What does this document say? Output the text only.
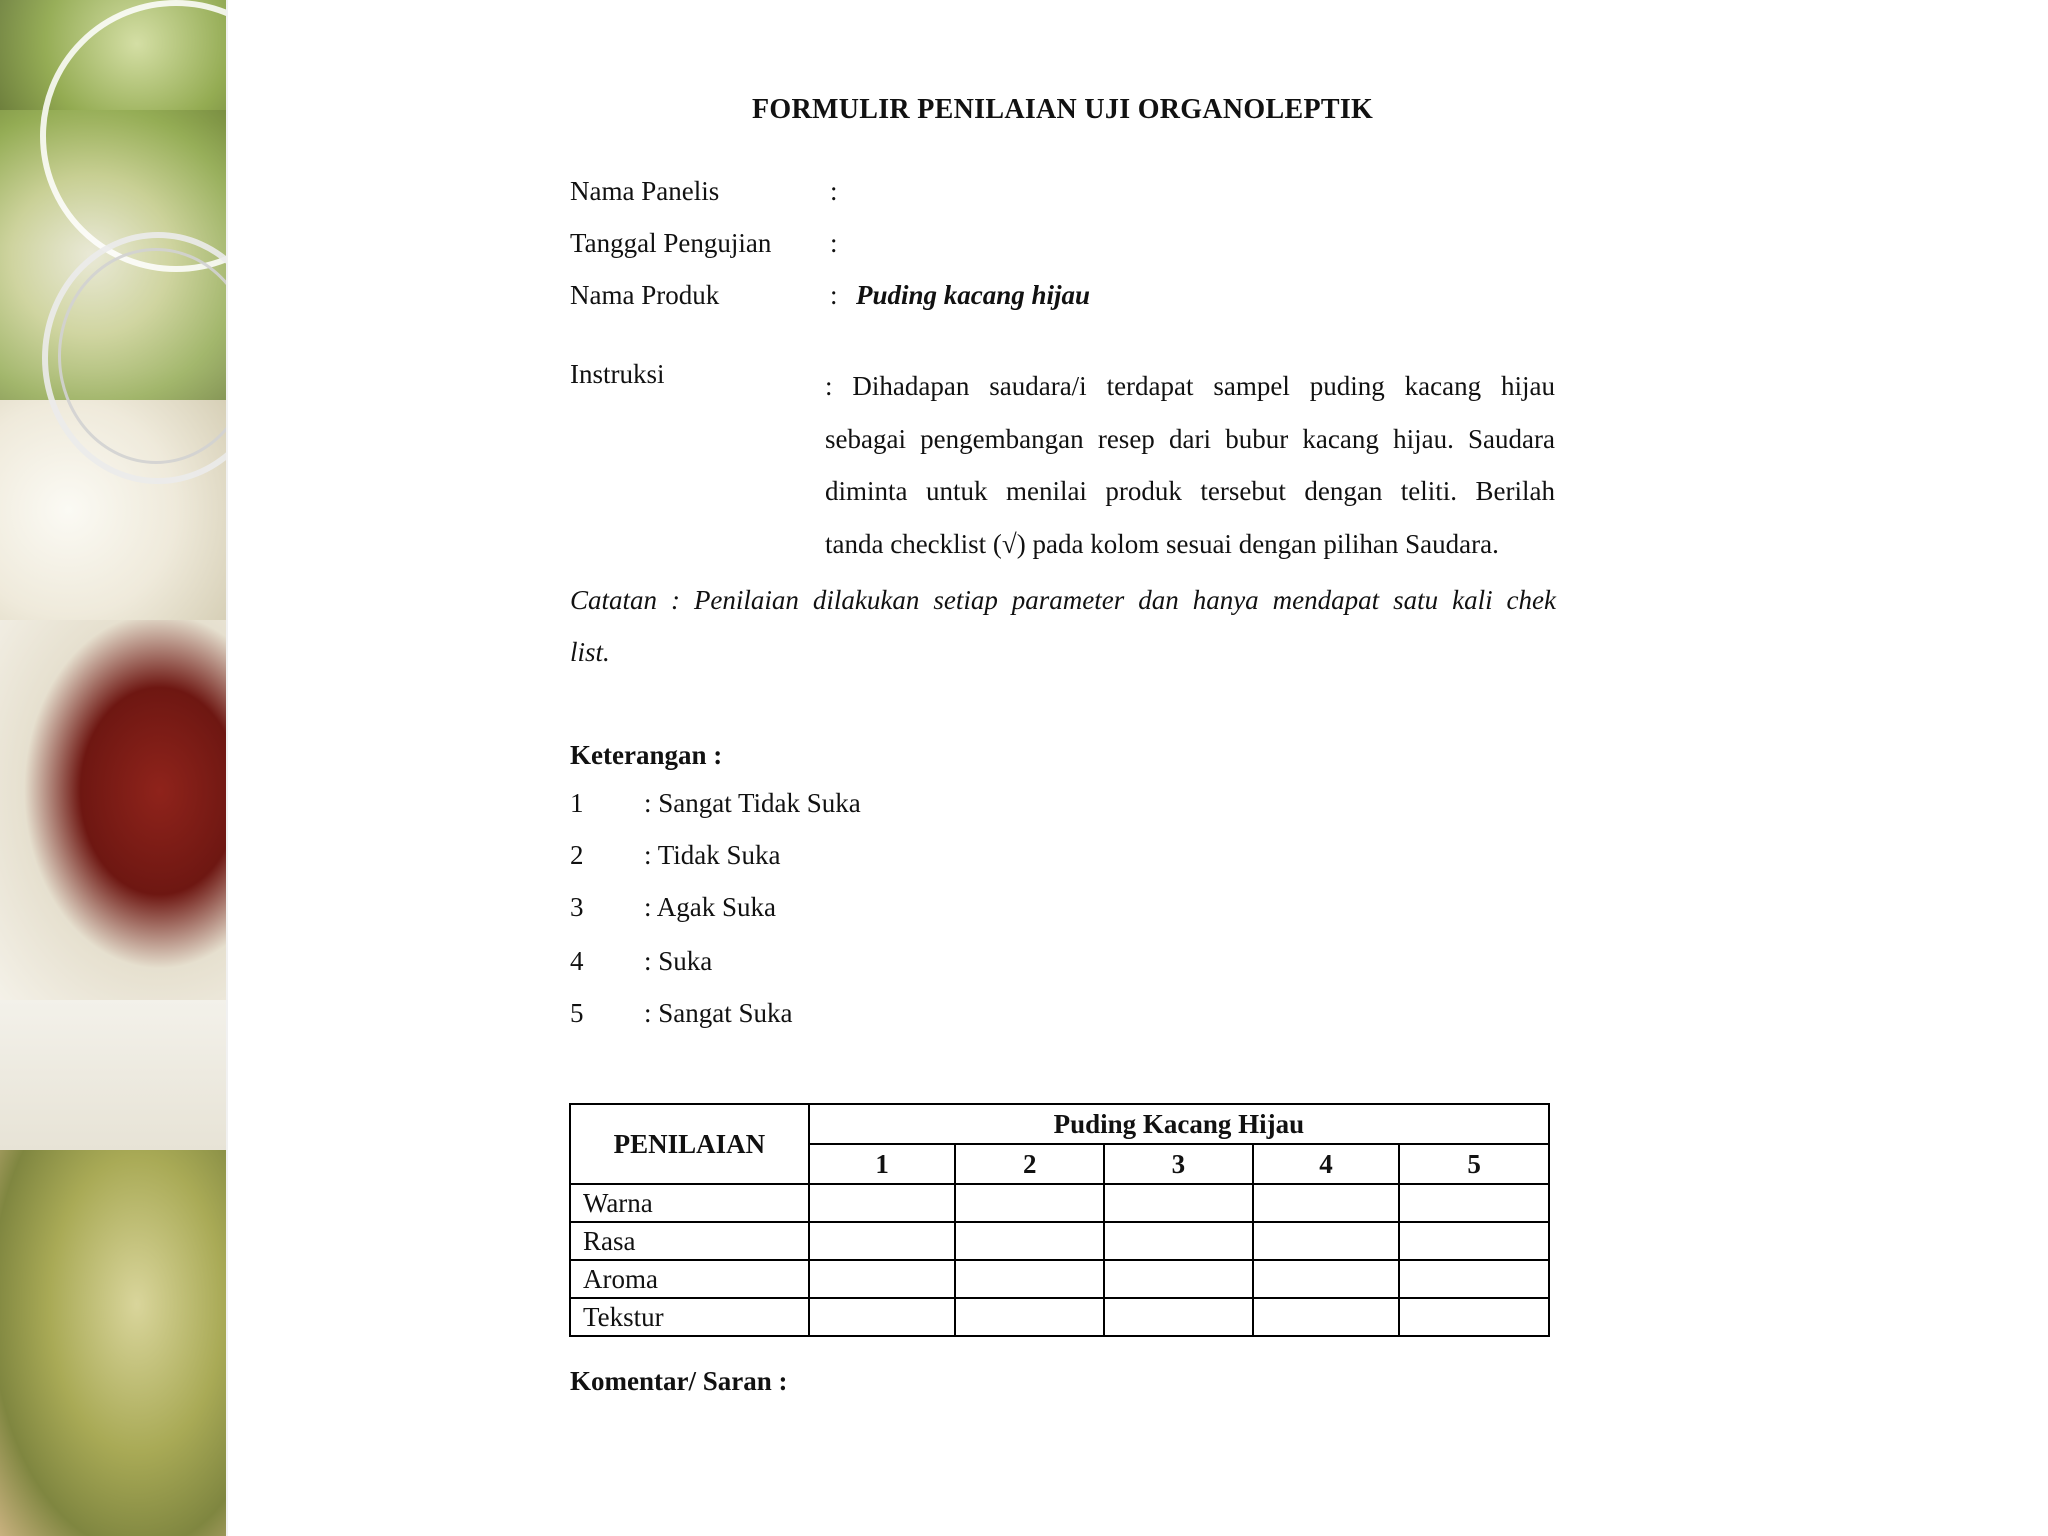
FORMULIR PENILAIAN UJI ORGANOLEPTIK
Nama Panelis	:
Tanggal Pengujian :
Nama Produk	: Puding kacang hijau
Instruksi	: Dihadapan saudara/i terdapat sampel puding kacang hijau
sebagai pengembangan resep dari bubur kacang hijau. Saudara
diminta untuk menilai produk tersebut dengan teliti. Berilah
tanda checklist (√) pada kolom sesuai dengan pilihan Saudara.
Catatan : Penilaian dilakukan setiap parameter dan hanya mendapat satu kali chek
list.
Keterangan :
1 : Sangat Tidak Suka
2 : Tidak Suka
3 : Agak Suka
4 : Suka
5 : Sangat Suka
PENILAIAN	Puding Kacang Hijau				
	1	2	3	4	5
Warna					
Rasa					
Aroma					
Tekstur					
Komentar/ Saran :
